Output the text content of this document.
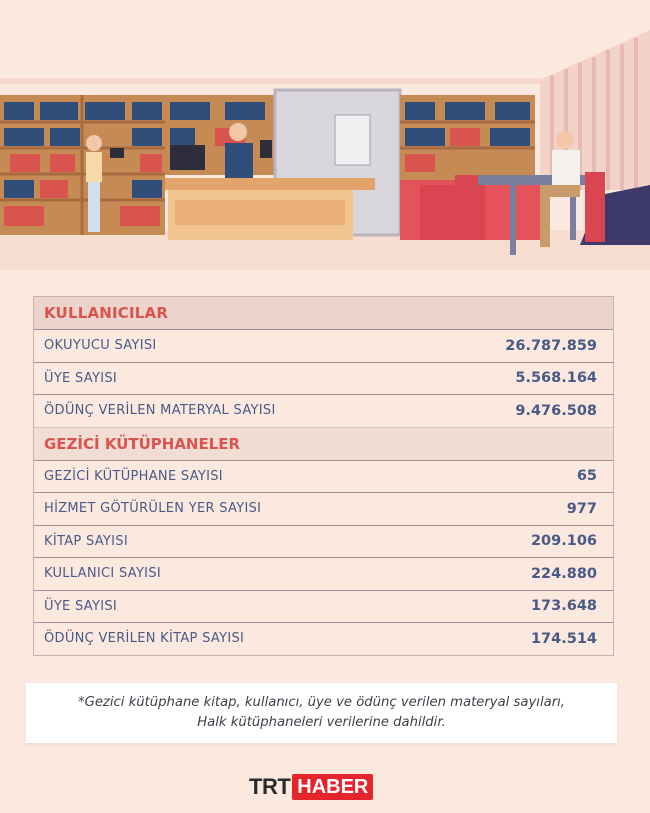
KULLANICILAR
OKUYUCU SAYISI	26.787.859
ÜYE SAYISI	5.568.164
ÖDÜNÇ VERİLEN MATERYAL SAYISI	9.476.508
GEZİCİ KÜTÜPHANELER
GEZİCİ KÜTÜPHANE SAYISI	65
HİZMET GÖTÜRÜLEN YER SAYISI	977
KİTAP SAYISI	209.106
KULLANICI SAYISI	224.880
ÜYE SAYISI	173.648
ÖDÜNÇ VERİLEN KİTAP SAYISI	174.514
*Gezici kütüphane kitap, kullanıcı, üye ve ödünç verilen materyal sayıları,
Halk kütüphaneleri verilerine dahildir.
TRT HABER
